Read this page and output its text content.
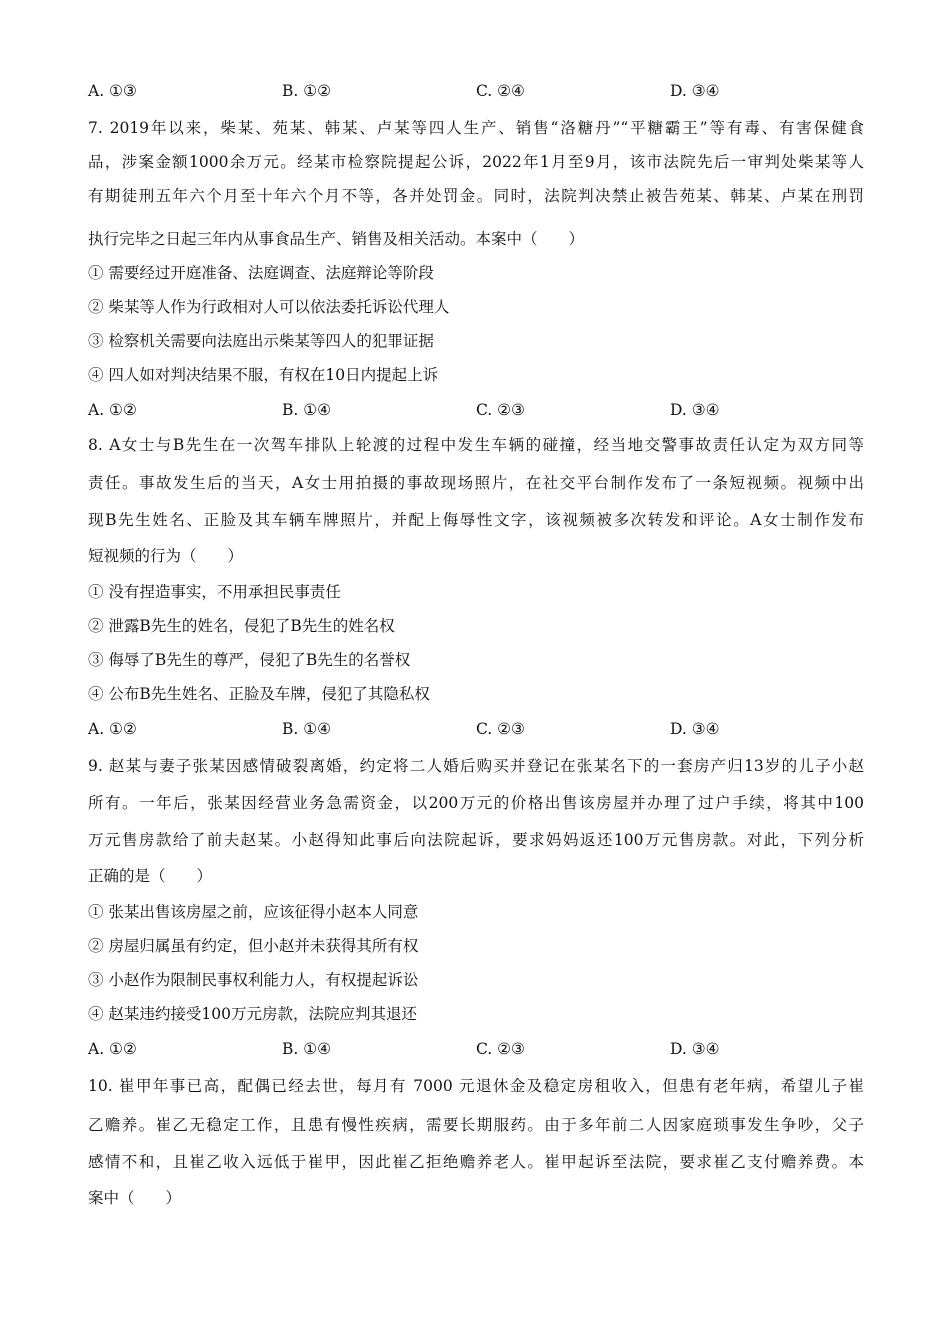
A. ①③	B. ①②	C. ②④	D. ③④
7. 2019年以来，柴某、苑某、韩某、卢某等四人生产、销售“洛糖丹”“平糖霸王”等有毒、有害保健食
品，涉案金额1000余万元。经某市检察院提起公诉，2022年1月至9月，该市法院先后一审判处柴某等人
有期徒刑五年六个月至十年六个月不等，各并处罚金。同时，法院判决禁止被告苑某、韩某、卢某在刑罚
执行完毕之日起三年内从事食品生产、销售及相关活动。本案中（　　）
① 需要经过开庭准备、法庭调查、法庭辩论等阶段
② 柴某等人作为行政相对人可以依法委托诉讼代理人
③ 检察机关需要向法庭出示柴某等四人的犯罪证据
④ 四人如对判决结果不服，有权在10日内提起上诉
A. ①②	B. ①④	C. ②③	D. ③④
8. A女士与B先生在一次驾车排队上轮渡的过程中发生车辆的碰撞，经当地交警事故责任认定为双方同等
责任。事故发生后的当天，A女士用拍摄的事故现场照片，在社交平台制作发布了一条短视频。视频中出
现B先生姓名、正脸及其车辆车牌照片，并配上侮辱性文字，该视频被多次转发和评论。A女士制作发布
短视频的行为（　　）
① 没有捏造事实，不用承担民事责任
② 泄露B先生的姓名，侵犯了B先生的姓名权
③ 侮辱了B先生的尊严，侵犯了B先生的名誉权
④ 公布B先生姓名、正脸及车牌，侵犯了其隐私权
A. ①②	B. ①④	C. ②③	D. ③④
9. 赵某与妻子张某因感情破裂离婚，约定将二人婚后购买并登记在张某名下的一套房产归13岁的儿子小赵
所有。一年后，张某因经营业务急需资金，以200万元的价格出售该房屋并办理了过户手续，将其中100
万元售房款给了前夫赵某。小赵得知此事后向法院起诉，要求妈妈返还100万元售房款。对此，下列分析
正确的是（　　）
① 张某出售该房屋之前，应该征得小赵本人同意
② 房屋归属虽有约定，但小赵并未获得其所有权
③ 小赵作为限制民事权利能力人，有权提起诉讼
④ 赵某违约接受100万元房款，法院应判其退还
A. ①②	B. ①④	C. ②③	D. ③④
10. 崔甲年事已高，配偶已经去世，每月有 7000 元退休金及稳定房租收入，但患有老年病，希望儿子崔
乙赡养。崔乙无稳定工作，且患有慢性疾病，需要长期服药。由于多年前二人因家庭琐事发生争吵，父子
感情不和，且崔乙收入远低于崔甲，因此崔乙拒绝赡养老人。崔甲起诉至法院，要求崔乙支付赡养费。本
案中（　　）
